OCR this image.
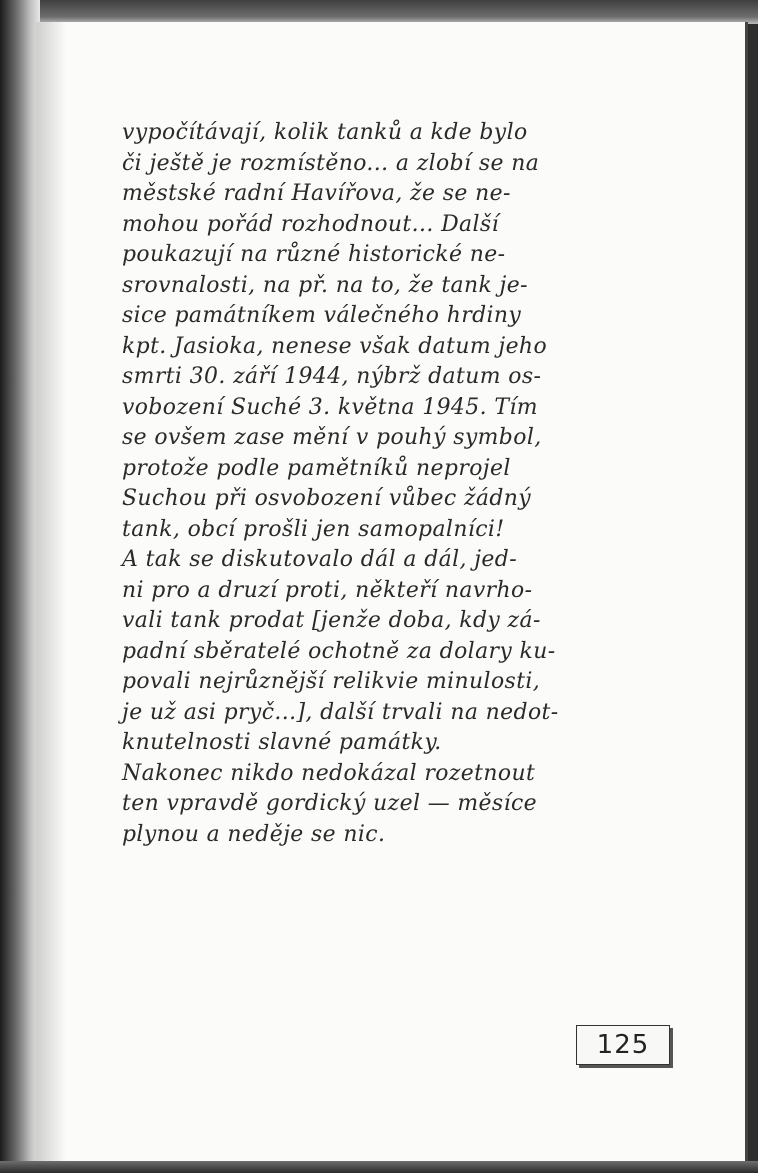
vypočítávají, kolik tanků a kde bylo
či ještě je rozmístěno... a zlobí se na
městské radní Havířova, že se ne-
mohou pořád rozhodnout... Další
poukazují na různé historické ne-
srovnalosti, na př. na to, že tank je-
sice památníkem válečného hrdiny
kpt. Jasioka, nenese však datum jeho
smrti 30. září 1944, nýbrž datum os-
vobození Suché 3. května 1945. Tím
se ovšem zase mění v pouhý symbol,
protože podle pamětníků neprojel
Suchou při osvobození vůbec žádný
tank, obcí prošli jen samopalníci!
A tak se diskutovalo dál a dál, jed-
ni pro a druzí proti, někteří navrho-
vali tank prodat [jenže doba, kdy zá-
padní sběratelé ochotně za dolary ku-
povali nejrůznější relikvie minulosti,
je už asi pryč...], další trvali na nedot-
knutelnosti slavné památky.
Nakonec nikdo nedokázal rozetnout
ten vpravdě gordický uzel — měsíce
plynou a neděje se nic.
125
